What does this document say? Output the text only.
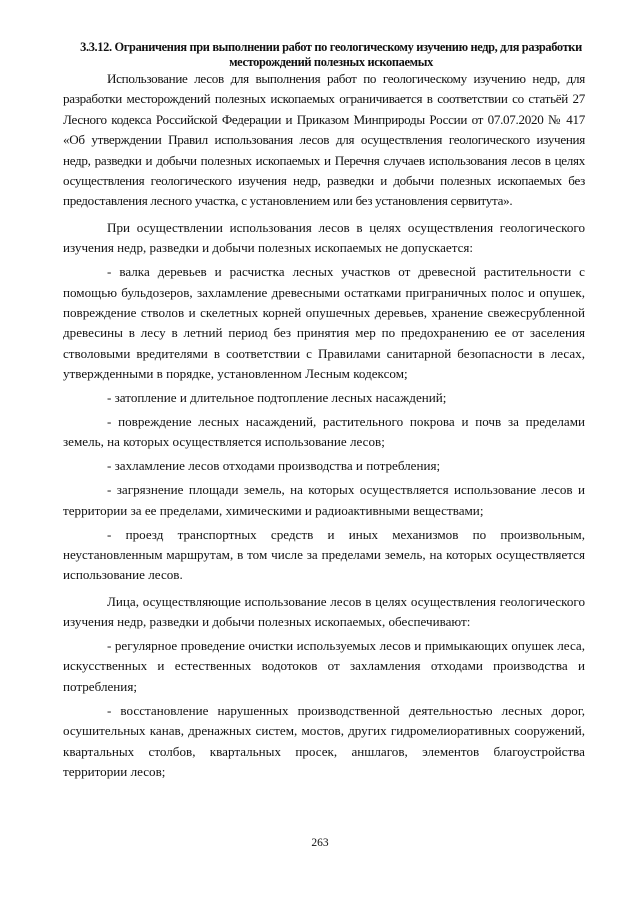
3.3.12. Ограничения при выполнении работ по геологическому изучению недр, для разработки
месторождений полезных ископаемых

Использование лесов для выполнения работ по геологическому изучению недр, для разработки месторождений полезных ископаемых ограничивается в соответствии со статьёй 27 Лесного кодекса Российской Федерации и Приказом Минприроды России от 07.07.2020 № 417 «Об утверждении Правил использования лесов для осуществления геологического изучения недр, разведки и добычи полезных ископаемых и Перечня случаев использования лесов в целях осуществления геологического изучения недр, разведки и добычи полезных ископаемых без предоставления лесного участка, с установлением или без установления сервитута».

При осуществлении использования лесов в целях осуществления геологического изучения недр, разведки и добычи полезных ископаемых не допускается:

- валка деревьев и расчистка лесных участков от древесной растительности с помощью бульдозеров, захламление древесными остатками приграничных полос и опушек, повреждение стволов и скелетных корней опушечных деревьев, хранение свежесрубленной древесины в лесу в летний период без принятия мер по предохранению ее от заселения стволовыми вредителями в соответствии с Правилами санитарной безопасности в лесах, утвержденными в порядке, установленном Лесным кодексом;

- затопление и длительное подтопление лесных насаждений;

- повреждение лесных насаждений, растительного покрова и почв за пределами земель, на которых осуществляется использование лесов;

- захламление лесов отходами производства и потребления;

- загрязнение площади земель, на которых осуществляется использование лесов и территории за ее пределами, химическими и радиоактивными веществами;

- проезд транспортных средств и иных механизмов по произвольным, неустановленным маршрутам, в том числе за пределами земель, на которых осуществляется использование лесов.

Лица, осуществляющие использование лесов в целях осуществления геологического изучения недр, разведки и добычи полезных ископаемых, обеспечивают:

- регулярное проведение очистки используемых лесов и примыкающих опушек леса, искусственных и естественных водотоков от захламления отходами производства и потребления;

- восстановление нарушенных производственной деятельностью лесных дорог, осушительных канав, дренажных систем, мостов, других гидромелиоративных сооружений, квартальных столбов, квартальных просек, аншлагов, элементов благоустройства территории лесов;

263
